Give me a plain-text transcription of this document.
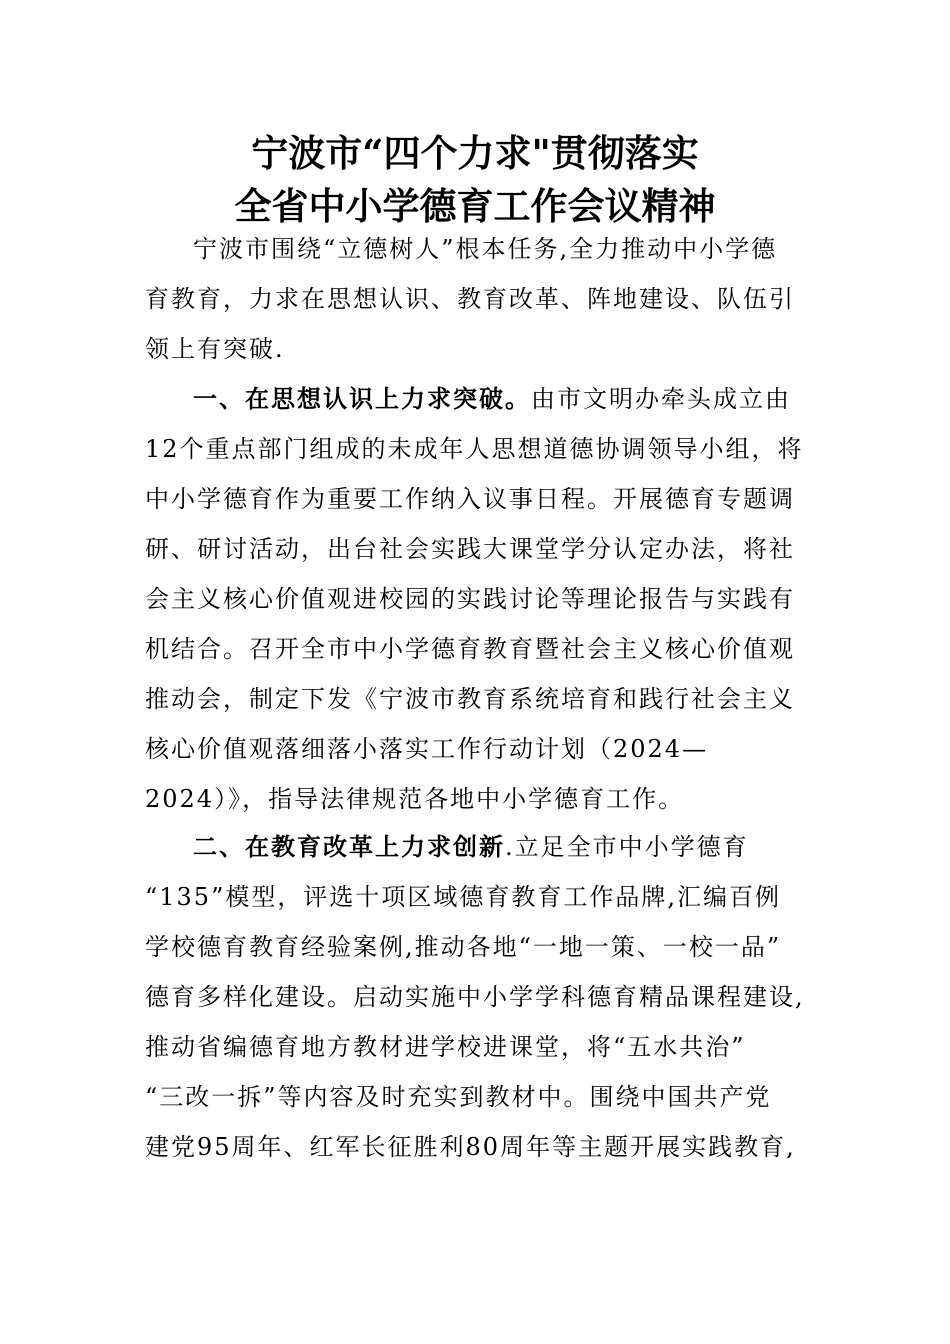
宁波市“四个力求"贯彻落实
全省中小学德育工作会议精神
宁波市围绕“立德树人”根本任务,全力推动中小学德
育教育，力求在思想认识、教育改革、阵地建设、队伍引
领上有突破.
一、在思想认识上力求突破。由市文明办牵头成立由
12个重点部门组成的未成年人思想道德协调领导小组，将
中小学德育作为重要工作纳入议事日程。开展德育专题调
研、研讨活动，出台社会实践大课堂学分认定办法，将社
会主义核心价值观进校园的实践讨论等理论报告与实践有
机结合。召开全市中小学德育教育暨社会主义核心价值观
推动会，制定下发《宁波市教育系统培育和践行社会主义
核心价值观落细落小落实工作行动计划（2024—
2024）》，指导法律规范各地中小学德育工作。
二、在教育改革上力求创新.立足全市中小学德育
“135”模型，评选十项区域德育教育工作品牌,汇编百例
学校德育教育经验案例,推动各地“一地一策、一校一品”
德育多样化建设。启动实施中小学学科德育精品课程建设,
推动省编德育地方教材进学校进课堂，将“五水共治”
“三改一拆”等内容及时充实到教材中。围绕中国共产党
建党95周年、红军长征胜利80周年等主题开展实践教育,
